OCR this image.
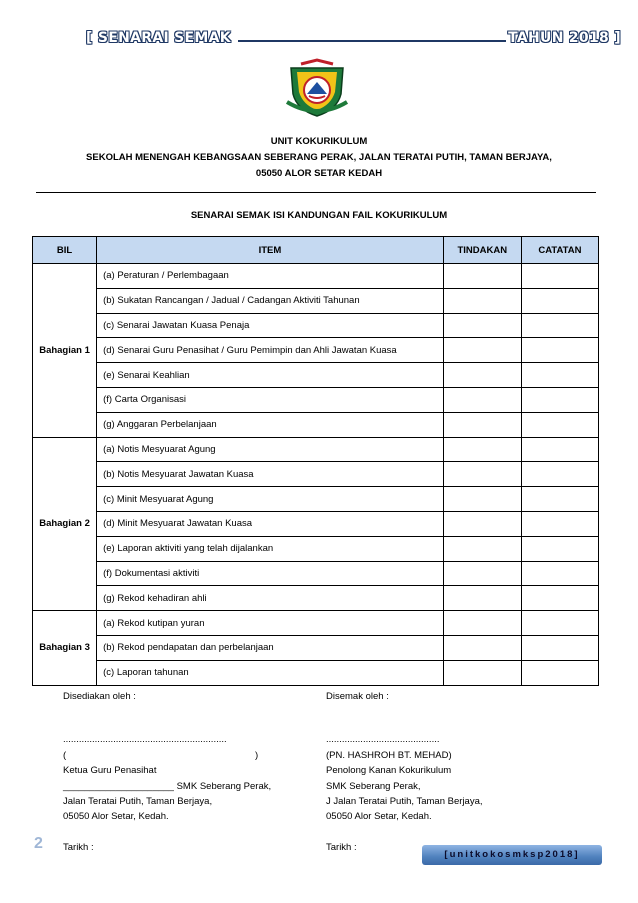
[ SENARAI SEMAK	TAHUN 2018 ]
UNIT KOKURIKULUM
SEKOLAH MENENGAH KEBANGSAAN SEBERANG PERAK, JALAN TERATAI PUTIH, TAMAN BERJAYA,
05050 ALOR SETAR KEDAH
SENARAI SEMAK ISI KANDUNGAN FAIL KOKURIKULUM
BIL	ITEM	TINDAKAN	CATATAN
Bahagian 1	(a) Peraturan / Perlembagaan		
	(b) Sukatan Rancangan / Jadual / Cadangan Aktiviti Tahunan		
	(c) Senarai Jawatan Kuasa Penaja		
	(d) Senarai Guru Penasihat / Guru Pemimpin dan Ahli Jawatan Kuasa		
	(e) Senarai Keahlian		
	(f) Carta Organisasi		
	(g) Anggaran Perbelanjaan		
Bahagian 2	(a) Notis Mesyuarat Agung		
	(b) Notis Mesyuarat Jawatan Kuasa		
	(c) Minit Mesyuarat Agung		
	(d) Minit Mesyuarat Jawatan Kuasa		
	(e) Laporan aktiviti yang telah dijalankan		
	(f) Dokumentasi aktiviti		
	(g) Rekod kehadiran ahli		
Bahagian 3	(a) Rekod kutipan yuran		
	(b) Rekod pendapatan dan perbelanjaan		
	(c) Laporan tahunan		
Disediakan oleh :
..............................................................
(	)
Ketua Guru Penasihat
_____________________ SMK Seberang Perak,
Jalan Teratai Putih, Taman Berjaya,
05050 Alor Setar, Kedah.
Tarikh :
Disemak oleh :
...........................................
(PN. HASHROH BT. MEHAD)
Penolong Kanan Kokurikulum
SMK Seberang Perak,
J Jalan Teratai Putih, Taman Berjaya,
05050 Alor Setar, Kedah.
Tarikh :
2
[unitkokosmksp2018]
